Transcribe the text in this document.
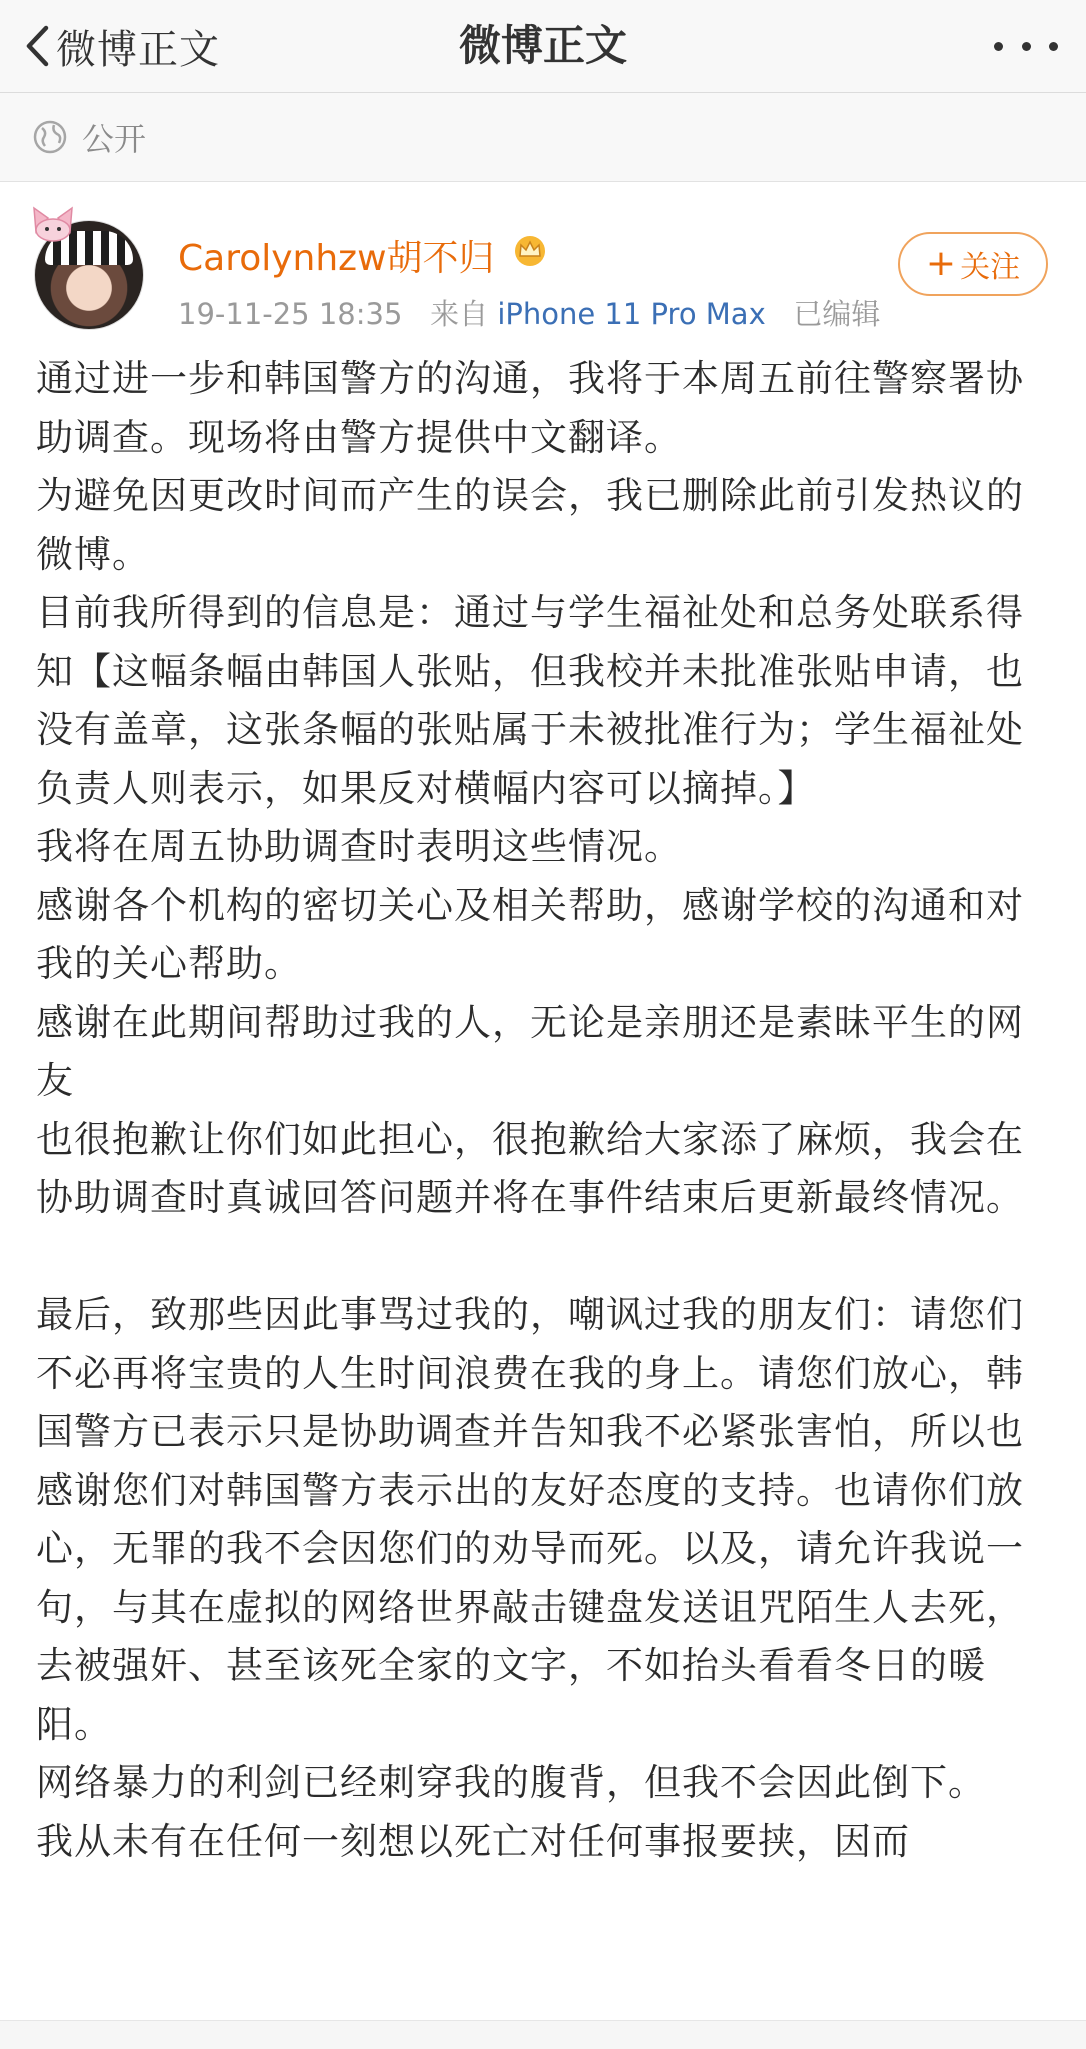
微博正文	微博正文
公开
Carolynhzw胡不归
19-11-25 18:35 来自 iPhone 11 Pro Max 已编辑
+ 关注

通过进一步和韩国警方的沟通，我将于本周五前往警察署协助调查。现场将由警方提供中文翻译。

为避免因更改时间而产生的误会，我已删除此前引发热议的微博。

目前我所得到的信息是：通过与学生福祉处和总务处联系得知【这幅条幅由韩国人张贴，但我校并未批准张贴申请，也没有盖章，这张条幅的张贴属于未被批准行为；学生福祉处负责人则表示，如果反对横幅内容可以摘掉。】

我将在周五协助调查时表明这些情况。

感谢各个机构的密切关心及相关帮助，感谢学校的沟通和对我的关心帮助。

感谢在此期间帮助过我的人，无论是亲朋还是素昧平生的网友

也很抱歉让你们如此担心，很抱歉给大家添了麻烦，我会在协助调查时真诚回答问题并将在事件结束后更新最终情况。

最后，致那些因此事骂过我的，嘲讽过我的朋友们：请您们不必再将宝贵的人生时间浪费在我的身上。请您们放心，韩国警方已表示只是协助调查并告知我不必紧张害怕，所以也感谢您们对韩国警方表示出的友好态度的支持。也请你们放心，无罪的我不会因您们的劝导而死。以及，请允许我说一句，与其在虚拟的网络世界敲击键盘发送诅咒陌生人去死，去被强奸、甚至该死全家的文字，不如抬头看看冬日的暖阳。

网络暴力的利剑已经刺穿我的腹背，但我不会因此倒下。

我从未有在任何一刻想以死亡对任何事报要挟，因而
